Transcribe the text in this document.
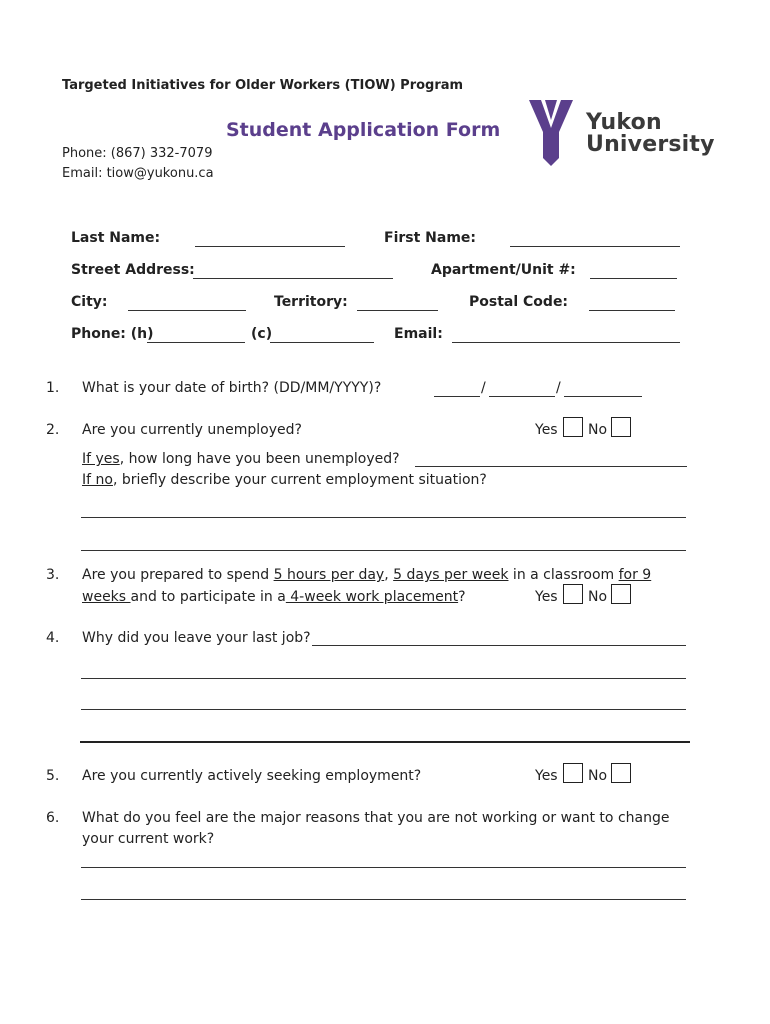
Targeted Initiatives for Older Workers (TIOW) Program
Student Application Form
Phone: (867) 332-7079
Email: tiow@yukonu.ca
Yukon
University
Last Name:	First Name:
Street Address:	Apartment/Unit #:
City:	Territory:	Postal Code:
Phone: (h)	(c)	Email:
1. What is your date of birth? (DD/MM/YYYY)?	/	/
2. Are you currently unemployed?	Yes No
If yes, how long have you been unemployed?
If no, briefly describe your current employment situation?
3. Are you prepared to spend 5 hours per day, 5 days per week in a classroom for 9
weeks and to participate in a 4-week work placement?	Yes No
4. Why did you leave your last job?
5. Are you currently actively seeking employment?	Yes No
6. What do you feel are the major reasons that you are not working or want to change
your current work?
